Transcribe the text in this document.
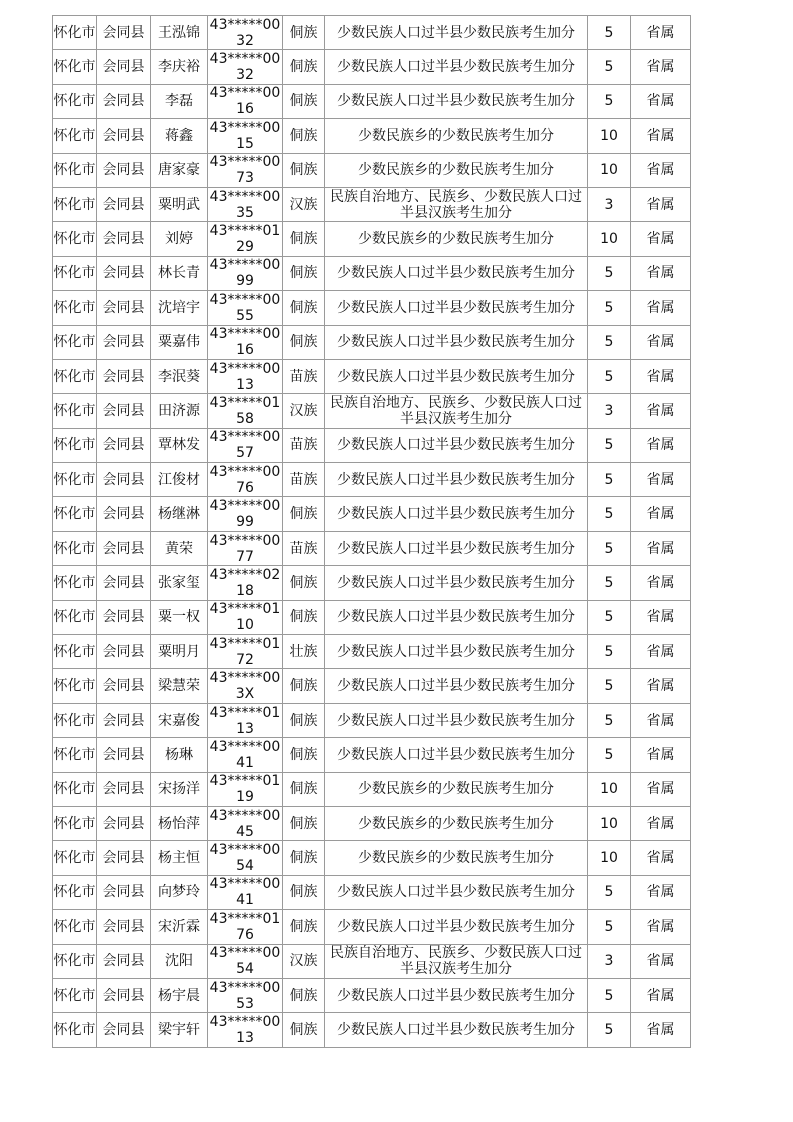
怀化市	会同县	王泓锦	43*****0032	侗族	少数民族人口过半县少数民族考生加分	5	省属
怀化市	会同县	李庆裕	43*****0032	侗族	少数民族人口过半县少数民族考生加分	5	省属
怀化市	会同县	李磊	43*****0016	侗族	少数民族人口过半县少数民族考生加分	5	省属
怀化市	会同县	蒋鑫	43*****0015	侗族	少数民族乡的少数民族考生加分	10	省属
怀化市	会同县	唐家豪	43*****0073	侗族	少数民族乡的少数民族考生加分	10	省属
怀化市	会同县	粟明武	43*****0035	汉族	民族自治地方、民族乡、少数民族人口过半县汉族考生加分	3	省属
怀化市	会同县	刘婷	43*****0129	侗族	少数民族乡的少数民族考生加分	10	省属
怀化市	会同县	林长青	43*****0099	侗族	少数民族人口过半县少数民族考生加分	5	省属
怀化市	会同县	沈培宇	43*****0055	侗族	少数民族人口过半县少数民族考生加分	5	省属
怀化市	会同县	粟嘉伟	43*****0016	侗族	少数民族人口过半县少数民族考生加分	5	省属
怀化市	会同县	李泯葵	43*****0013	苗族	少数民族人口过半县少数民族考生加分	5	省属
怀化市	会同县	田济源	43*****0158	汉族	民族自治地方、民族乡、少数民族人口过半县汉族考生加分	3	省属
怀化市	会同县	覃林发	43*****0057	苗族	少数民族人口过半县少数民族考生加分	5	省属
怀化市	会同县	江俊材	43*****0076	苗族	少数民族人口过半县少数民族考生加分	5	省属
怀化市	会同县	杨继淋	43*****0099	侗族	少数民族人口过半县少数民族考生加分	5	省属
怀化市	会同县	黄荣	43*****0077	苗族	少数民族人口过半县少数民族考生加分	5	省属
怀化市	会同县	张家玺	43*****0218	侗族	少数民族人口过半县少数民族考生加分	5	省属
怀化市	会同县	粟一权	43*****0110	侗族	少数民族人口过半县少数民族考生加分	5	省属
怀化市	会同县	粟明月	43*****0172	壮族	少数民族人口过半县少数民族考生加分	5	省属
怀化市	会同县	梁慧荣	43*****003X	侗族	少数民族人口过半县少数民族考生加分	5	省属
怀化市	会同县	宋嘉俊	43*****0113	侗族	少数民族人口过半县少数民族考生加分	5	省属
怀化市	会同县	杨琳	43*****0041	侗族	少数民族人口过半县少数民族考生加分	5	省属
怀化市	会同县	宋扬洋	43*****0119	侗族	少数民族乡的少数民族考生加分	10	省属
怀化市	会同县	杨怡萍	43*****0045	侗族	少数民族乡的少数民族考生加分	10	省属
怀化市	会同县	杨主恒	43*****0054	侗族	少数民族乡的少数民族考生加分	10	省属
怀化市	会同县	向梦玲	43*****0041	侗族	少数民族人口过半县少数民族考生加分	5	省属
怀化市	会同县	宋沂霖	43*****0176	侗族	少数民族人口过半县少数民族考生加分	5	省属
怀化市	会同县	沈阳	43*****0054	汉族	民族自治地方、民族乡、少数民族人口过半县汉族考生加分	3	省属
怀化市	会同县	杨宇晨	43*****0053	侗族	少数民族人口过半县少数民族考生加分	5	省属
怀化市	会同县	梁宇轩	43*****0013	侗族	少数民族人口过半县少数民族考生加分	5	省属
